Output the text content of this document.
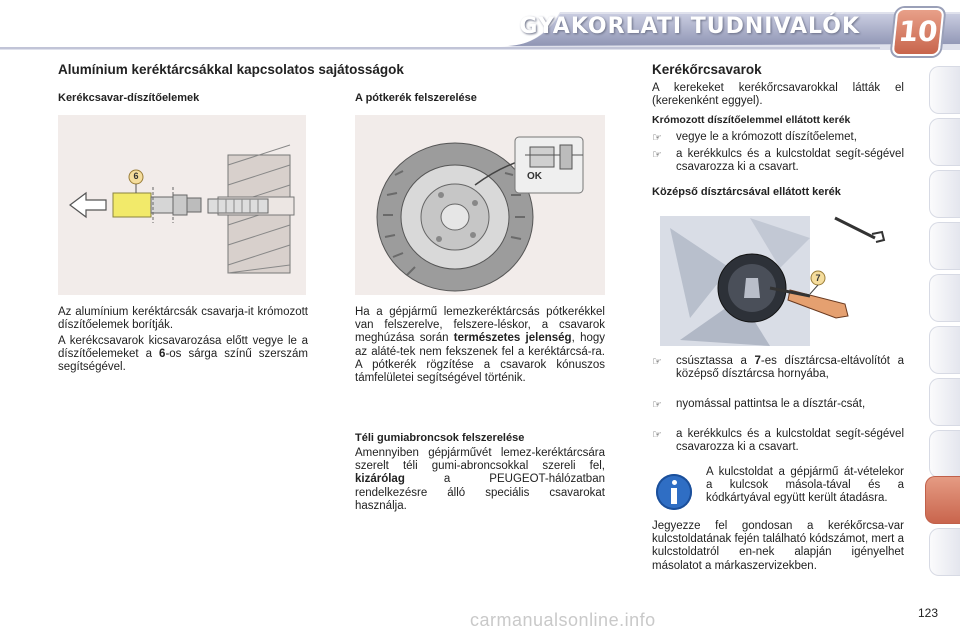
GYAKORLATI TUDNIVALÓK 10
Alumínium keréktárcsákkal kapcsolatos sajátosságok
Kerékcsavar-díszítőelemek
6

Az alumínium keréktárcsák csavarja-it krómozott díszítőelemek borítják.

A kerékcsavarok kicsavarozása előtt vegye le a díszítőelemeket a 6-os sárga színű szerszám segítségével.

A pótkerék felszerelése
OK

Ha a gépjármű lemezkeréktárcsás pótkerékkel van felszerelve, felszere-léskor, a csavarok meghúzása során természetes jelenség, hogy az aláté-tek nem fekszenek fel a keréktárcsá-ra. A pótkerék rögzítése a csavarok kónuszos támfelületei segítségével történik.

Téli gumiabroncsok felszerelése

Amennyiben gépjárművét lemez-keréktárcsára szerelt téli gumi-abroncsokkal szereli fel, kizárólag a PEUGEOT-hálózatban rendelkezésre álló speciális csavarokat használja.

Kerékőrcsavarok

A kerekeket kerékőrcsavarokkal látták el (kerekenként eggyel).

Krómozott díszítőelemmel ellátott kerék
☞ vegye le a krómozott díszítőelemet,
☞ a kerékkulcs és a kulcstoldat segít-ségével csavarozza ki a csavart.
Középső dísztárcsával ellátott kerék
7
☞ csúsztassa a 7-es dísztárcsa-eltávolítót a középső dísztárcsa hornyába,
☞ nyomással pattintsa le a dísztár-csát,
☞ a kerékkulcs és a kulcstoldat segít-ségével csavarozza ki a csavart.

A kulcstoldat a gépjármű át-vételekor a kulcsok másola-tával és a kódkártyával együtt került átadásra.

Jegyezze fel gondosan a kerékőrcsa-var kulcstoldatának fején található kódszámot, mert a kulcstoldatról en-nek alapján igényelhet másolatot a márkaszervizekben.

carmanualsonline.info	123
